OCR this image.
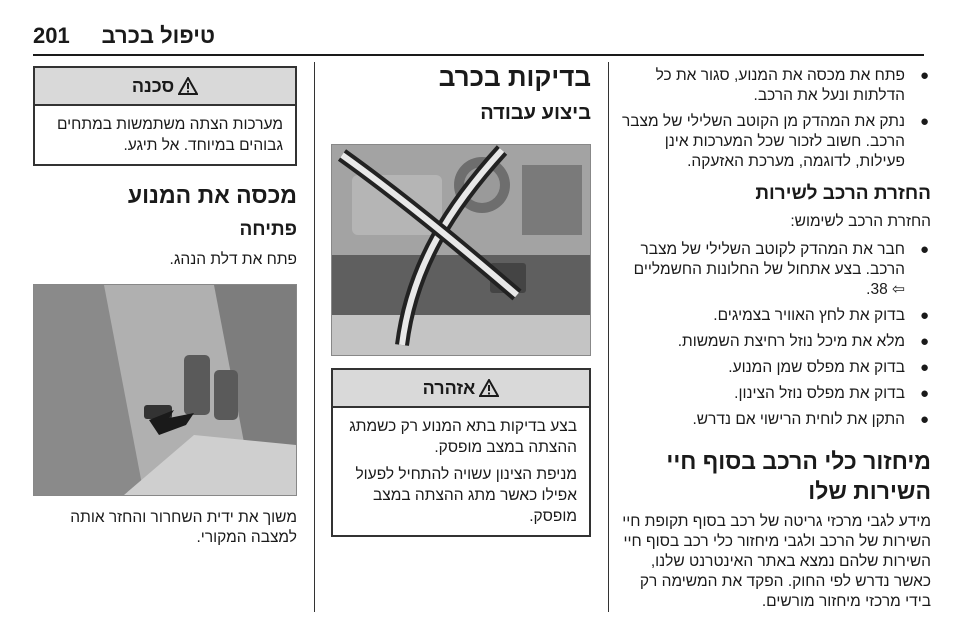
טיפול בכרב
201
●
פתח את מכסה את המנוע, סגור את כל הדלתות ונעל את הרכב.
●
נתק את המהדק מן הקוטב השלילי של מצבר הרכב. חשוב לזכור שכל המערכות אינן פעילות, לדוגמה, מערכת האזעקה.
החזרת הרכב לשירות
החזרת הרכב לשימוש:
●
חבר את המהדק לקוטב השלילי של מצבר הרכב. בצע אתחול של החלונות החשמליים ⇦ 38.
●
בדוק את לחץ האוויר בצמיגים.
●
מלא את מיכל נוזל רחיצת השמשות.
●
בדוק את מפלס שמן המנוע.
●
בדוק את מפלס נוזל הצינון.
●
התקן את לוחית הרישוי אם נדרש.
מיחזור כלי הרכב בסוף חיי
השירות שלו
מידע לגבי מרכזי גריטה של רכב בסוף תקופת חיי השירות של הרכב ולגבי מיחזור כלי רכב בסוף חיי השירות שלהם נמצא באתר האינטרנט שלנו, כאשר נדרש לפי החוק. הפקד את המשימה רק בידי מרכזי מיחזור מורשים.
בדיקות בכרב
ביצוע עבודה
אזהרה
בצע בדיקות בתא המנוע רק כשמתג ההצתה במצב מופסק.
מניפת הצינון עשויה להתחיל לפעול אפילו כאשר מתג ההצתה במצב מופסק.
סכנה
מערכות הצתה משתמשות במתחים גבוהים במיוחד. אל תיגע.
מכסה את המנוע
פתיחה
פתח את דלת הנהג.
משוך את ידית השחרור והחזר אותה למצבה המקורי.
